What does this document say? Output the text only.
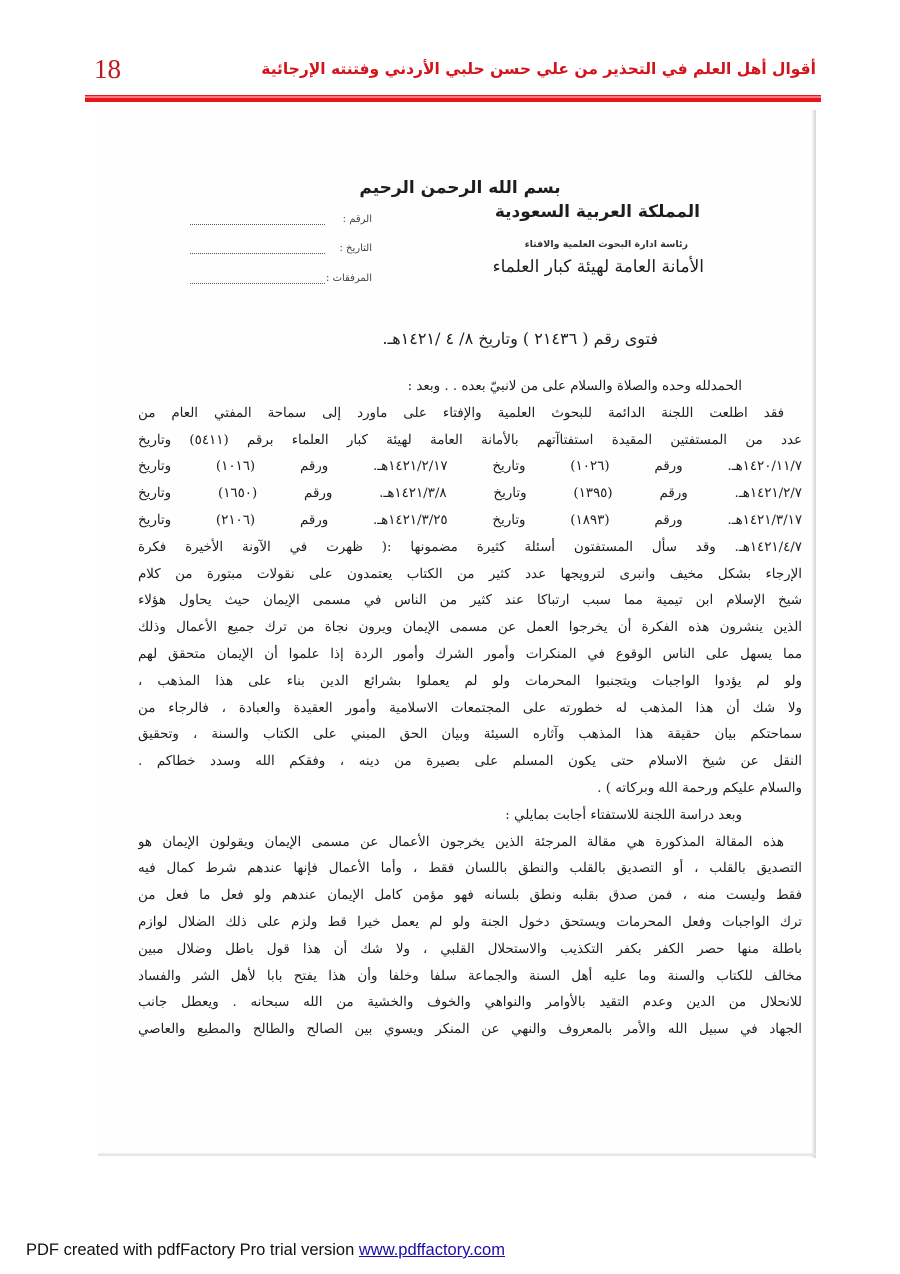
18	أقوال أهل العلم في التحذير من علي حسن حلبي الأردني وفتنته الإرجائية
بسم الله الرحمن الرحيم
المملكة العربية السعودية
رئاسة ادارة البحوث العلمية والافتاء
الأمانة العامة لهيئة كبار العلماء
الرقم :
التاريخ :
المرفقات :
فتوى رقم ( ٢١٤٣٦ ) وتاريخ ٨/ ٤ /١٤٢١هـ.
الحمدلله وحده والصلاة والسلام على من لانبيّ بعده . . وبعد :
فقد اطلعت اللجنة الدائمة للبحوث العلمية والإفتاء على ماورد إلى سماحة المفتي العام من
عدد من المستفتين المقيدة استفتاآتهم بالأمانة العامة لهيئة كبار العلماء برقم (٥٤١١) وتاريخ
١٤٢٠/١١/٧هـ. ورقم (١٠٢٦) وتاريخ ١٤٢١/٢/١٧هـ. ورقم (١٠١٦) وتاريخ
١٤٢١/٢/٧هـ. ورقم (١٣٩٥) وتاريخ ١٤٢١/٣/٨هـ. ورقم (١٦٥٠) وتاريخ
١٤٢١/٣/١٧هـ. ورقم (١٨٩٣) وتاريخ ١٤٢١/٣/٢٥هـ. ورقم (٢١٠٦) وتاريخ
١٤٢١/٤/٧هـ. وقد سأل المستفتون أسئلة كثيرة مضمونها :( ظهرت في الآونة الأخيرة فكرة
الإرجاء بشكل مخيف وانبرى لترويجها عدد كثير من الكتاب يعتمدون على نقولات مبتورة من كلام
شيخ الإسلام ابن تيمية مما سبب ارتباكا عند كثير من الناس في مسمى الإيمان حيث يحاول هؤلاء
الذين ينشرون هذه الفكرة أن يخرجوا العمل عن مسمى الإيمان ويرون نجاة من ترك جميع الأعمال وذلك
مما يسهل على الناس الوقوع في المنكرات وأمور الشرك وأمور الردة إذا علموا أن الإيمان متحقق لهم
ولو لم يؤدوا الواجبات ويتجنبوا المحرمات ولو لم يعملوا بشرائع الدين بناء على هذا المذهب ،
ولا شك أن هذا المذهب له خطورته على المجتمعات الاسلامية وأمور العقيدة والعبادة ، فالرجاء من
سماحتكم بيان حقيقة هذا المذهب وآثاره السيئة وبيان الحق المبني على الكتاب والسنة ، وتحقيق
النقل عن شيخ الاسلام حتى يكون المسلم على بصيرة من دينه ، وفقكم الله وسدد خطاكم .
والسلام عليكم ورحمة الله وبركاته ) .
وبعد دراسة اللجنة للاستفتاء أجابت بمايلي :
هذه المقالة المذكورة هي مقالة المرجئة الذين يخرجون الأعمال عن مسمى الإيمان ويقولون الإيمان هو
التصديق بالقلب ، أو التصديق بالقلب والنطق باللسان فقط ، وأما الأعمال فإنها عندهم شرط كمال فيه
فقط وليست منه ، فمن صدق بقلبه ونطق بلسانه فهو مؤمن كامل الإيمان عندهم ولو فعل ما فعل من
ترك الواجبات وفعل المحرمات ويستحق دخول الجنة ولو لم يعمل خيرا قط ولزم على ذلك الضلال لوازم
باطلة منها حصر الكفر بكفر التكذيب والاستحلال القلبي ، ولا شك أن هذا قول باطل وضلال مبين
مخالف للكتاب والسنة وما عليه أهل السنة والجماعة سلفا وخلفا وأن هذا يفتح بابا لأهل الشر والفساد
للانحلال من الدين وعدم التقيد بالأوامر والنواهي والخوف والخشية من الله سبحانه . ويعطل جانب
الجهاد في سبيل الله والأمر بالمعروف والنهي عن المنكر ويسوي بين الصالح والطالح والمطيع والعاصي
PDF created with pdfFactory Pro trial version www.pdffactory.com
